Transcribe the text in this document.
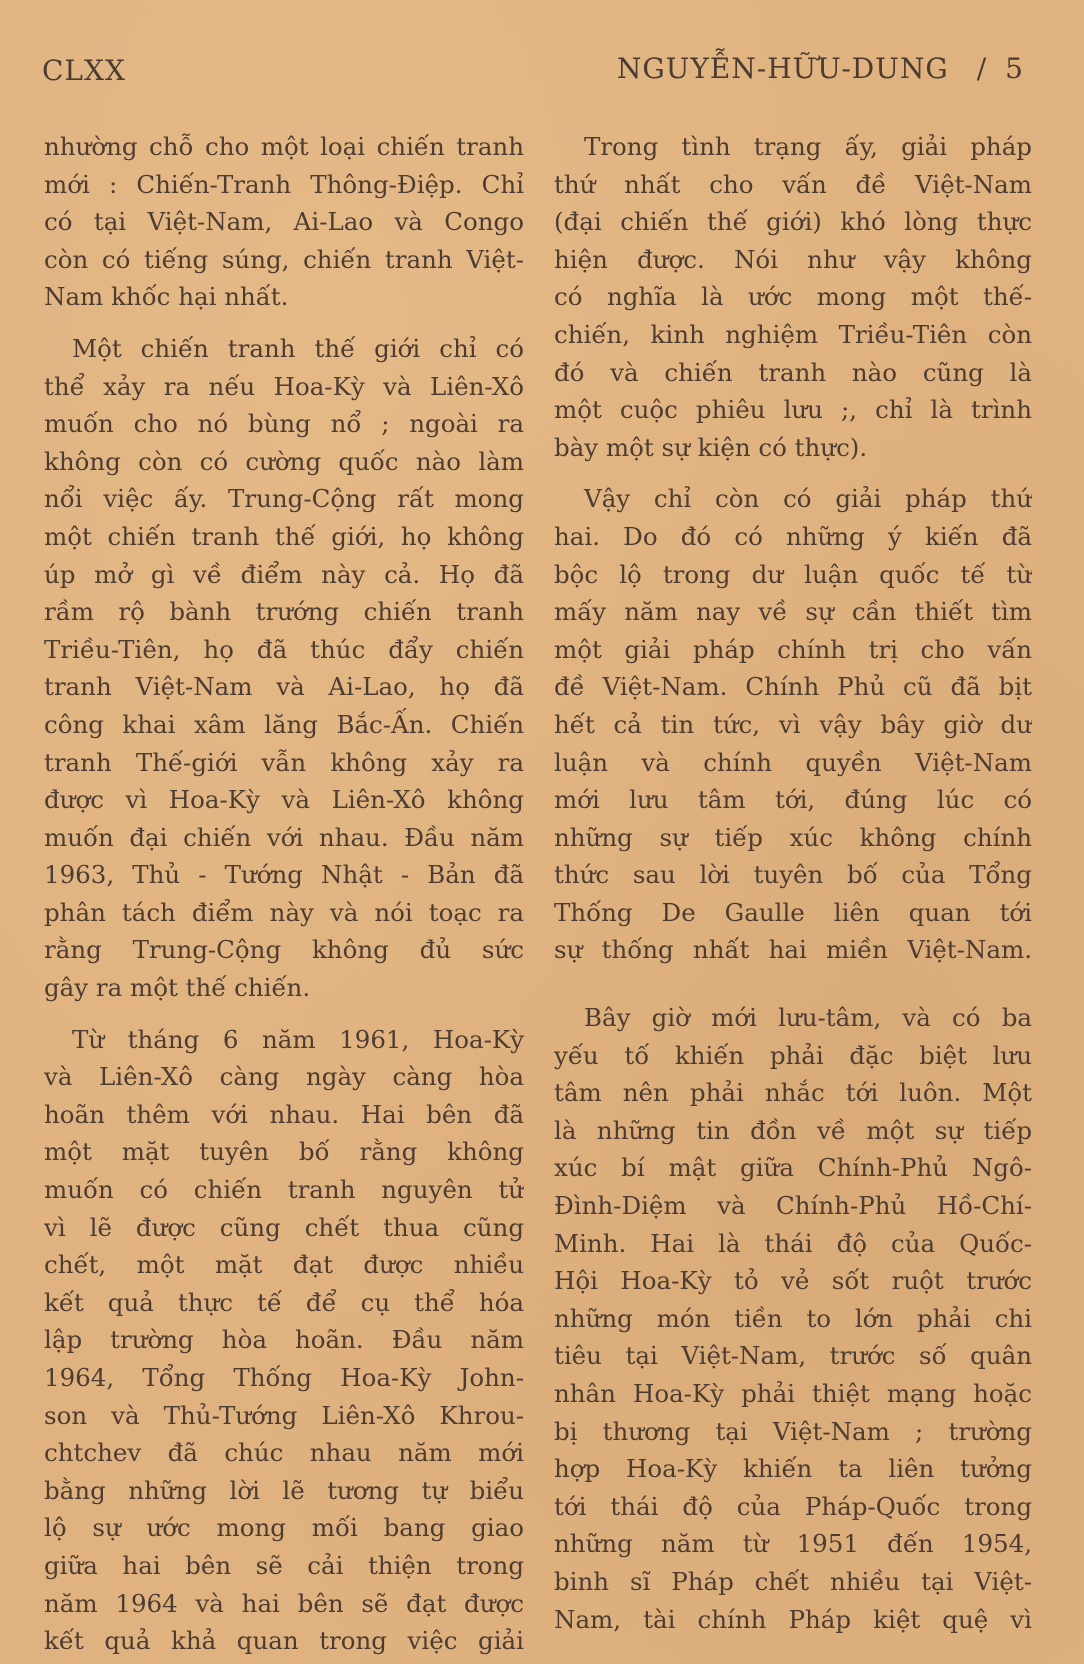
CLXX	NGUYỄN-HỮU-DUNG / 5
nhường chỗ cho một loại chiến tranh
mới : Chiến-Tranh Thông-Điệp. Chỉ
có tại Việt-Nam, Ai-Lao và Congo
còn có tiếng súng, chiến tranh Việt-
Nam khốc hại nhất.
Một chiến tranh thế giới chỉ có
thể xảy ra nếu Hoa-Kỳ và Liên-Xô
muốn cho nó bùng nổ ; ngoài ra
không còn có cường quốc nào làm
nổi việc ấy. Trung-Cộng rất mong
một chiến tranh thế giới, họ không
úp mở gì về điểm này cả. Họ đã
rầm rộ bành trướng chiến tranh
Triều-Tiên, họ đã thúc đẩy chiến
tranh Việt-Nam và Ai-Lao, họ đã
công khai xâm lăng Bắc-Ấn. Chiến
tranh Thế-giới vẫn không xảy ra
được vì Hoa-Kỳ và Liên-Xô không
muốn đại chiến với nhau. Đầu năm
1963, Thủ - Tướng Nhật - Bản đã
phân tách điểm này và nói toạc ra
rằng Trung-Cộng không đủ sức
gây ra một thế chiến.
Từ tháng 6 năm 1961, Hoa-Kỳ
và Liên-Xô càng ngày càng hòa
hoãn thêm với nhau. Hai bên đã
một mặt tuyên bố rằng không
muốn có chiến tranh nguyên tử
vì lẽ được cũng chết thua cũng
chết, một mặt đạt được nhiều
kết quả thực tế để cụ thể hóa
lập trường hòa hoãn. Đầu năm
1964, Tổng Thống Hoa-Kỳ John-
son và Thủ-Tướng Liên-Xô Khrou-
chtchev đã chúc nhau năm mới
bằng những lời lẽ tương tự biểu
lộ sự ước mong mối bang giao
giữa hai bên sẽ cải thiện trong
năm 1964 và hai bên sẽ đạt được
kết quả khả quan trong việc giải
Trong tình trạng ấy, giải pháp
thứ nhất cho vấn đề Việt-Nam
(đại chiến thế giới) khó lòng thực
hiện được. Nói như vậy không
có nghĩa là ước mong một thế-
chiến, kinh nghiệm Triều-Tiên còn
đó và chiến tranh nào cũng là
một cuộc phiêu lưu ;, chỉ là trình
bày một sự kiện có thực).
Vậy chỉ còn có giải pháp thứ
hai. Do đó có những ý kiến đã
bộc lộ trong dư luận quốc tế từ
mấy năm nay về sự cần thiết tìm
một giải pháp chính trị cho vấn
đề Việt-Nam. Chính Phủ cũ đã bịt
hết cả tin tức, vì vậy bây giờ dư
luận và chính quyền Việt-Nam
mới lưu tâm tới, đúng lúc có
những sự tiếp xúc không chính
thức sau lời tuyên bố của Tổng
Thống De Gaulle liên quan tới
sự thống nhất hai miền Việt-Nam.
Bây giờ mới lưu-tâm, và có ba
yếu tố khiến phải đặc biệt lưu
tâm nên phải nhắc tới luôn. Một
là những tin đồn về một sự tiếp
xúc bí mật giữa Chính-Phủ Ngô-
Đình-Diệm và Chính-Phủ Hồ-Chí-
Minh. Hai là thái độ của Quốc-
Hội Hoa-Kỳ tỏ vẻ sốt ruột trước
những món tiền to lớn phải chi
tiêu tại Việt-Nam, trước số quân
nhân Hoa-Kỳ phải thiệt mạng hoặc
bị thương tại Việt-Nam ; trường
hợp Hoa-Kỳ khiến ta liên tưởng
tới thái độ của Pháp-Quốc trong
những năm từ 1951 đến 1954,
binh sĩ Pháp chết nhiều tại Việt-
Nam, tài chính Pháp kiệt quệ vì
